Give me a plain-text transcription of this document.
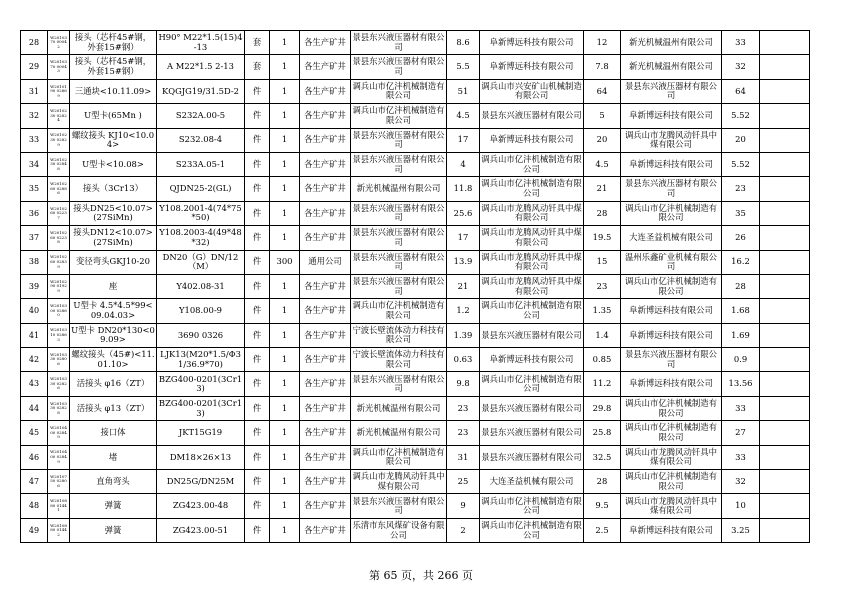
28	W2010370 00042	接头（芯杆45#钢，外套15#钢）	H90° M22*1.5(15)4-13	套	1	各生产矿井	景县东兴液压器材有限公司	8.6	阜新博远科技有限公司	12	新光机械温州有限公司	33	
29	W2010370 00043	接头（芯杆45#钢，外套15#钢）	A M22*1.5 2-13	套	1	各生产矿井	景县东兴液压器材有限公司	5.5	阜新博远科技有限公司	7.8	新光机械温州有限公司	32	
31	W2010190 02869	三通块<10.11.09>	KQGJG19/31.5D-2	件	1	各生产矿井	调兵山市亿沣机械制造有限公司	51	调兵山市兴安矿山机械制造有限公司	64	景县东兴液压器材有限公司	64	
32	W2010230 02824	U型卡(65Mn )	S232A.00-5	件	1	各生产矿井	调兵山市亿沣机械制造有限公司	4.5	景县东兴液压器材有限公司	5	阜新博远科技有限公司	5.52	
33	W2010230 02829	螺纹接头 KJ10<10.04>	S232.08-4	件	1	各生产矿井	景县东兴液压器材有限公司	17	阜新博远科技有限公司	20	调兵山市龙腾风动钎具中煤有限公司	20	
34	W2010230 02848	U型卡<10.08>	S233A.05-1	件	1	各生产矿井	景县东兴液压器材有限公司	4	调兵山市亿沣机械制造有限公司	4.5	阜新博远科技有限公司	5.52	
35	W2010260 02886	接头（3Cr13）	QJDN25-2(GL)	件	1	各生产矿井	新光机械温州有限公司	11.8	调兵山市亿沣机械制造有限公司	21	景县东兴液压器材有限公司	23	
36	W2010260 02237	接头DN25<10.07>(27SiMn)	Y108.2001-4(74*75*50)	件	1	各生产矿井	景县东兴液压器材有限公司	25.6	调兵山市龙腾风动钎具中煤有限公司	28	调兵山市亿沣机械制造有限公司	35	
37	W2010260 02238	接头DN12<10.07>(27SiMn)	Y108.2003-4(49*48*32)	件	1	各生产矿井	景县东兴液压器材有限公司	17	调兵山市龙腾风动钎具中煤有限公司	19.5	大连圣益机械有限公司	26	
38	W2010260 02839	变径弯头GKJ10-20	DN20（G）DN/12（M）	件	300	通用公司	景县东兴液压器材有限公司	13.9	调兵山市龙腾风动钎具中煤有限公司	15	温州乐鑫矿业机械有限公司	16.2	
39	W2010290 01929	座	Y402.08-31	件	1	各生产矿井	景县东兴液压器材有限公司	21	调兵山市龙腾风动钎具中煤有限公司	23	调兵山市亿沣机械制造有限公司	28	
40	W2010300 02860	U型卡 4.5*4.5*99<09.04.03>	Y108.00-9	件	1	各生产矿井	调兵山市亿沣机械制造有限公司	1.2	调兵山市亿沣机械制造有限公司	1.35	阜新博远科技有限公司	1.68	
41	W2010310 02863	U型卡 DN20*130<09.09>	3690 0326	件	1	各生产矿井	宁波长壁流体动力科技有限公司	1.39	景县东兴液压器材有限公司	1.4	阜新博远科技有限公司	1.69	
42	W2010330 02806	螺纹接头（45#)<11.01.10>	LJK13(M20*1.5/Φ31/36.9*70)	件	1	各生产矿井	宁波长壁流体动力科技有限公司	0.63	阜新博远科技有限公司	0.85	景县东兴液压器材有限公司	0.9	
43	W2010330 02826	活接头 φ16（ZT）	BZG400-0201(3Cr13)	件	1	各生产矿井	景县东兴液压器材有限公司	9.8	调兵山市亿沣机械制造有限公司	11.2	阜新博远科技有限公司	13.56	
44	W2010330 02828	活接头 φ13（ZT）	BZG400-0201(3Cr13)	件	1	各生产矿井	新光机械温州有限公司	23	景县东兴液压器材有限公司	29.8	调兵山市亿沣机械制造有限公司	33	
45	W2010400 02849	接口体	JKT15G19	件	1	各生产矿井	新光机械温州有限公司	23	景县东兴液压器材有限公司	25.8	调兵山市亿沣机械制造有限公司	27	
46	W2010400 02849	堵	DM18×26×13	件	1	各生产矿井	调兵山市亿沣机械制造有限公司	31	景县东兴液压器材有限公司	32.5	调兵山市龙腾风动钎具中煤有限公司	33	
47	W2010750 02806	直角弯头	DN25G/DN25M	件	1	各生产矿井	调兵山市龙腾风动钎具中煤有限公司	25	大连圣益机械有限公司	28	调兵山市亿沣机械制造有限公司	32	
48	W2010880 01441	弹簧	ZG423.00-48	件	1	各生产矿井	景县东兴液压器材有限公司	9	调兵山市亿沣机械制造有限公司	9.5	调兵山市龙腾风动钎具中煤有限公司	10	
49	W2010880 01442	弹簧	ZG423.00-51	件	1	各生产矿井	乐清市东风煤矿设备有限公司	2	调兵山市亿沣机械制造有限公司	2.5	阜新博远科技有限公司	3.25	
第 65 页，共 266 页
